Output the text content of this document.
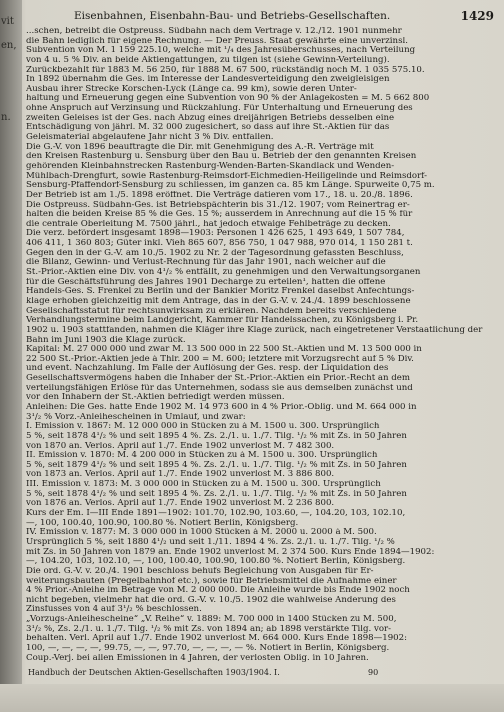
vit

en,

n.
Eisenbahnen, Eisenbahn-Bau- und Betriebs-Gesellschaften.	1429
...schen, betreibt die Ostpreuss. Südbahn nach dem Vertrage v. 12./12. 1901 nunmehr
die Bahn lediglich für eigene Rechnung. — Der Preuss. Staat gewährte eine unverzinsl.
Subvention von M. 1 159 225.10, welche mit ¹/₄ des Jahresüberschusses, nach Verteilung
von 4 u. 5 % Div. an beide Aktiengattungen, zu tilgen ist (siehe Gewinn-Verteilung).
Zurückbezahlt für 1883 M. 56 250, für 1888 M. 67 500, rückständig noch M. 1 035 575.10.
In 1892 übernahm die Ges. im Interesse der Landesverteidigung den zweigleisigen
Ausbau ihrer Strecke Korschen-Lyck (Länge ca. 99 km), sowie deren Unter-
haltung und Erneuerung gegen eine Subvention von 90 % der Anlagekosten = M. 5 662 800
ohne Anspruch auf Verzinsung und Rückzahlung. Für Unterhaltung und Erneuerung des
zweiten Geleises ist der Ges. nach Abzug eines dreijährigen Betriebs desselben eine
Entschädigung von jährl. M. 32 000 zugesichert, so dass auf ihre St.-Aktien für das
Geleismaterial abgelaufene Jahr nicht 3 % Div. entfallen.
Die G.-V. von 1896 beauftragte die Dir. mit Genehmigung des A.-R. Verträge mit
den Kreisen Rastenburg u. Sensburg über den Bau u. Betrieb der den genannten Kreisen
gehörenden Kleinbahnstrecken Rastenburg-Wenden-Barten-Skandlack und Wenden-
Mühlbach-Drengfurt, sowie Rastenburg-Reimsdorf-Eichmedien-Heiligelinde und Reimsdorf-
Sensburg-Pfaffendorf-Sensburg zu schliessen, im ganzen ca. 85 km Länge. Spurweite 0,75 m.
Der Betrieb ist am 1./5. 1898 eröffnet. Die Verträge datieren vom 17., 18. u. 20./8. 1896.
Die Ostpreuss. Südbahn-Ges. ist Betriebspächterin bis 31./12. 1907; vom Reinertrag er-
halten die beiden Kreise 85 % die Ges. 15 %; ausserdem in Anrechnung auf die 15 % für
die centrale Oberleitung M. 7500 jährl., hat jedoch etwaige Fehlbeträge zu decken.
Die verz. befördert insgesamt 1898—1903: Personen 1 426 625, 1 493 649, 1 507 784,
406 411, 1 360 803; Güter inkl. Vieh 865 607, 856 750, 1 047 988, 970 014, 1 150 281 t.
Gegen den in der G.-V. am 10./5. 1902 zu Nr. 2 der Tagesordnung gefassten Beschluss,
die Bilanz, Gewinn- und Verlust-Rechnung für das Jahr 1901, nach welcher auf die
St.-Prior.-Aktien eine Div. von 4¹/₂ % entfällt, zu genehmigen und den Verwaltungsorganen
für die Geschäftsführung des Jahres 1901 Decharge zu erteilen¹, hatten die offene
Handels-Ges. S. Frenkel zu Berlin und der Bankier Moritz Frenkel daselbst Anfechtungs-
klage erhoben gleichzeitig mit dem Antrage, das in der G.-V. v. 24./4. 1899 beschlossene
Gesellschaftsstatut für rechtsunwirksam zu erklären. Nachdem bereits verschiedene
Verhandlungstermine beim Landgericht, Kammer für Handelssachen, zu Königsberg i. Pr.
1902 u. 1903 stattfanden, nahmen die Kläger ihre Klage zurück, nach eingetretener Verstaatlichung der
Bahn im Juni 1903 die Klage zurück.
Kapital: M. 27 000 000 und zwar M. 13 500 000 in 22 500 St.-Aktien und M. 13 500 000 in
22 500 St.-Prior.-Aktien jede à Thlr. 200 = M. 600; letztere mit Vorzugsrecht auf 5 % Div.
und event. Nachzahlung. Im Falle der Auflösung der Ges. resp. der Liquidation des
Gesellschaftsvermögens haben die Inhaber der St.-Prior.-Aktien ein Prior.-Recht an dem
verteilungsfähigen Erlöse für das Unternehmen, sodass sie aus demselben zunächst und
vor den Inhabern der St.-Aktien befriedigt werden müssen.
Anleihen: Die Ges. hatte Ende 1902 M. 14 973 600 in 4 % Prior.-Oblig. und M. 664 000 in
3¹/₂ % Vorz.-Anleihescheinen in Umlauf, und zwar:
I. Emission v. 1867: M. 12 000 000 in Stücken zu à M. 1500 u. 300. Ursprünglich
5 %, seit 1878 4¹/₂ % und seit 1895 4 %. Zs. 2./1. u. 1./7. Tilg. ¹/₂ % mit Zs. in 50 Jahren
von 1870 an. Verlos. April auf 1./7. Ende 1902 unverlost M. 7 482 300.
II. Emission v. 1870: M. 4 200 000 in Stücken zu à M. 1500 u. 300. Ursprünglich
5 %, seit 1879 4¹/₂ % und seit 1895 4 %. Zs. 2./1. u. 1./7. Tilg. ¹/₂ % mit Zs. in 50 Jahren
von 1873 an. Verlos. April auf 1./7. Ende 1902 unverlost M. 3 886 800.
III. Emission v. 1873: M. 3 000 000 in Stücken zu à M. 1500 u. 300. Ursprünglich
5 %, seit 1878 4¹/₂ % und seit 1895 4 %. Zs. 2./1. u. 1./7. Tilg. ¹/₂ % mit Zs. in 50 Jahren
von 1876 an. Verlos. April auf 1./7. Ende 1902 unverlost M. 2 236 800.
Kurs der Em. I—III Ende 1891—1902: 101.70, 102.90, 103.60, —, 104.20, 103, 102.10,
—, 100, 100.40, 100.90, 100.80 %. Notiert Berlin, Königsberg.
IV. Emission v. 1877: M. 3 000 000 in 1000 Stücken à M. 2000 u. 2000 à M. 500.
Ursprünglich 5 %, seit 1880 4¹/₂ und seit 1./11. 1894 4 %. Zs. 2./1. u. 1./7. Tilg. ¹/₂ %
mit Zs. in 50 Jahren von 1879 an. Ende 1902 unverlost M. 2 374 500. Kurs Ende 1894—1902:
—, 104.20, 103, 102.10, —, 100, 100.40, 100.90, 100.80 %. Notiert Berlin, Königsberg.
Die ord. G.-V. v. 20./4. 1901 beschloss behufs Begleichung von Ausgaben für Er-
weiterungsbauten (Pregelbahnhof etc.), sowie für Betriebsmittel die Aufnahme einer
4 % Prior.-Anleihe im Betrage von M. 2 000 000. Die Anleihe wurde bis Ende 1902 noch
nicht begeben, vielmehr hat die ord. G.-V. v. 10./5. 1902 die wahlweise Änderung des
Zinsfusses von 4 auf 3¹/₂ % beschlossen.
„Vorzugs-Anleihescheine“ „V. Reihe“ v. 1889: M. 700 000 in 1400 Stücken zu M. 500,
3¹/₂ %, Zs. 2./1. u. 1./7. Tilg. ¹/₂ % mit Zs. von 1894 an; ab 1898 verstärkte Tilg. vor-
behalten. Verl. April auf 1./7. Ende 1902 unverlost M. 664 000. Kurs Ende 1898—1902:
100, —, —, —, —, 99.75, —, —, 97.70, —, —, —, — %. Notiert in Berlin, Königsberg.
Coup.-Verj. bei allen Emissionen in 4 Jahren, der verlosten Oblig. in 10 Jahren.
Handbuch der Deutschen Aktien-Gesellschaften 1903/1904. I.	90
